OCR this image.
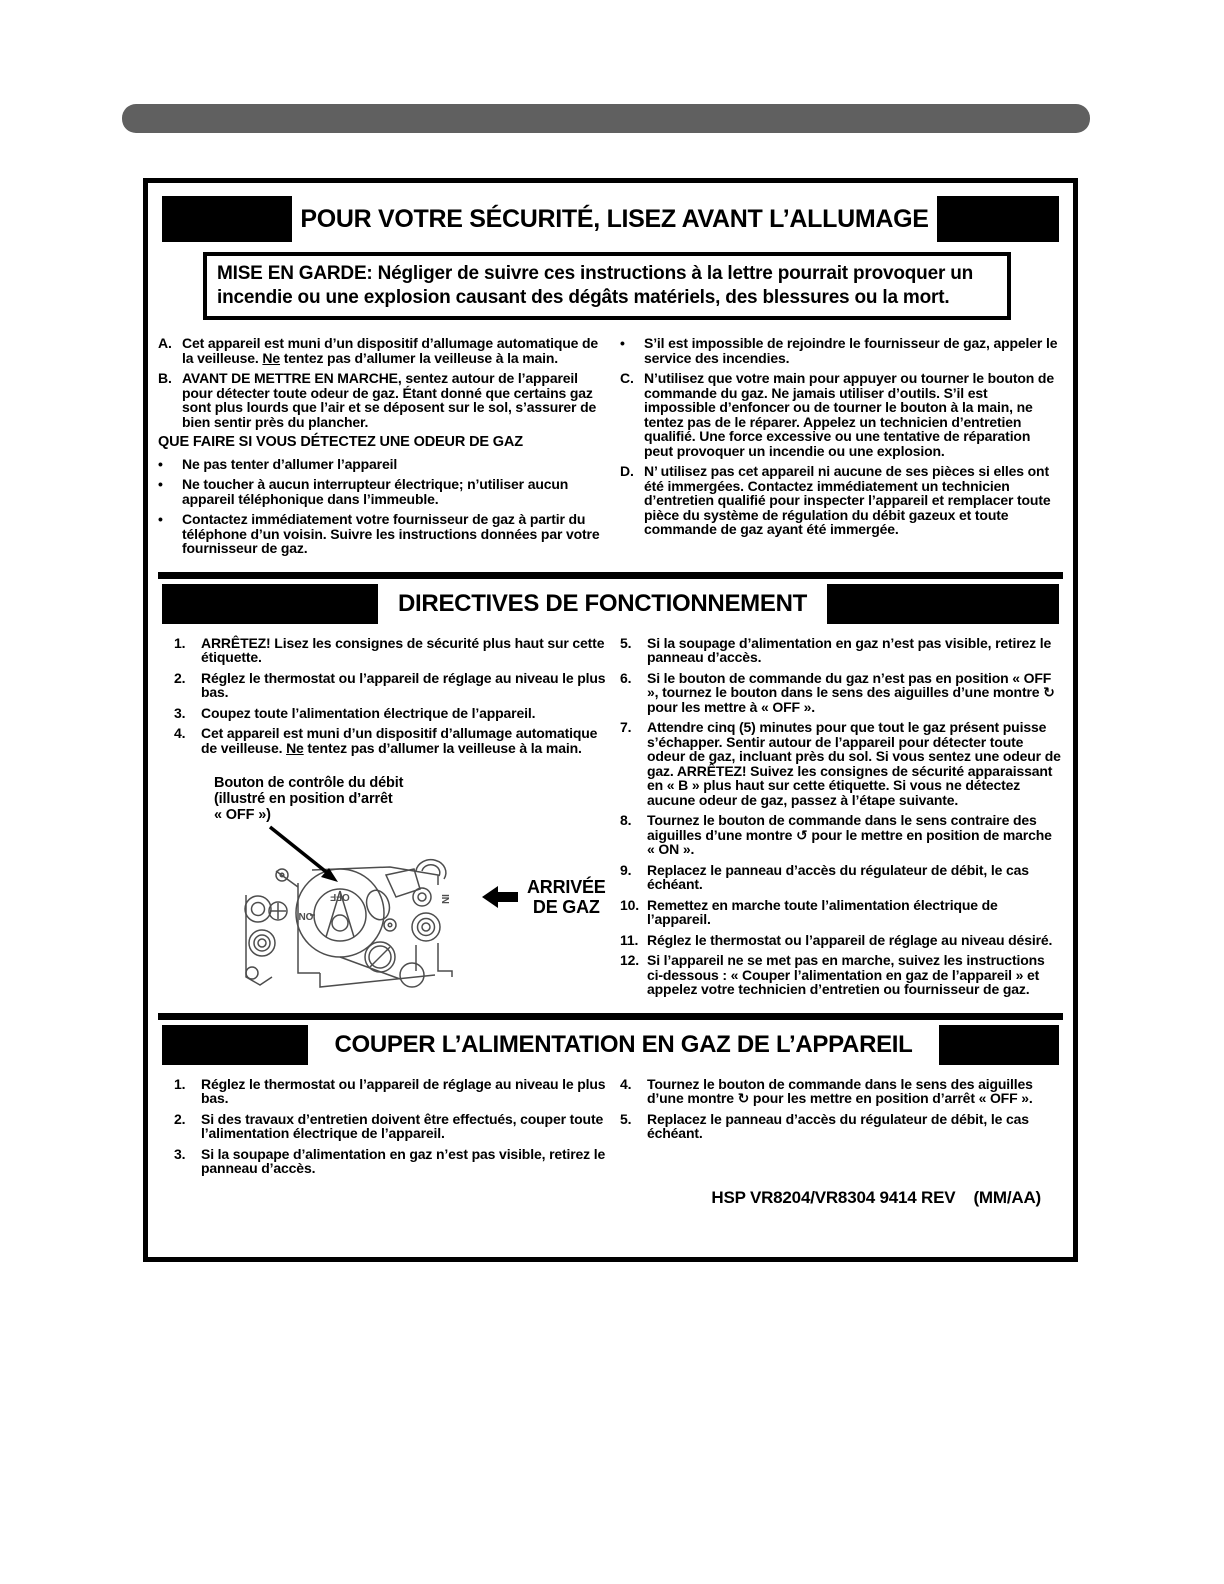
POUR VOTRE SÉCURITÉ, LISEZ AVANT L’ALLUMAGE
MISE EN GARDE: Négliger de suivre ces instructions à la lettre pourrait provoquer un incendie ou une explosion causant des dégâts matériels, des blessures ou la mort.
A. Cet appareil est muni d’un dispositif d’allumage automatique de la veilleuse. Ne tentez pas d’allumer la veilleuse à la main.
B. AVANT DE METTRE EN MARCHE, sentez autour de l’appareil pour détecter toute odeur de gaz. Étant donné que certains gaz sont plus lourds que l’air et se déposent sur le sol, s’assurer de bien sentir près du plancher.
QUE FAIRE SI VOUS DÉTECTEZ UNE ODEUR DE GAZ
•	Ne pas tenter d’allumer l’appareil
•	Ne toucher à aucun interrupteur électrique; n’utiliser aucun appareil téléphonique dans l’immeuble.
•	Contactez immédiatement votre fournisseur de gaz à partir du téléphone d’un voisin. Suivre les instructions données par votre fournisseur de gaz.
•	S’il est impossible de rejoindre le fournisseur de gaz, appeler le service des incendies.
C. N’utilisez que votre main pour appuyer ou tourner le bouton de commande du gaz. Ne jamais utiliser d’outils. S’il est impossible d’enfoncer ou de tourner le bouton à la main, ne tentez pas de le réparer. Appelez un technicien d’entretien qualifié. Une force excessive ou une tentative de réparation peut provoquer un incendie ou une explosion.
D. N’ utilisez pas cet appareil ni aucune de ses pièces si elles ont été immergées. Contactez immédiatement un technicien d’entretien qualifié pour inspecter l’appareil et remplacer toute pièce du système de régulation du débit gazeux et toute commande de gaz ayant été immergée.
DIRECTIVES DE FONCTIONNEMENT
1.	ARRÊTEZ! Lisez les consignes de sécurité plus haut sur cette étiquette.
2.	Réglez le thermostat ou l’appareil de réglage au niveau le plus bas.
3.	Coupez toute l’alimentation électrique de l’appareil.
4.	Cet appareil est muni d’un dispositif d’allumage automatique de veilleuse. Ne tentez pas d’allumer la veilleuse à la main.
Bouton de contrôle du débit
(illustré en position d’arrêt
« OFF »)
OFF
ON
IN
ARRIVÉE
DE GAZ
5.	Si la soupage d’alimentation en gaz n’est pas visible, retirez le panneau d’accès.
6.	Si le bouton de commande du gaz n’est pas en position « OFF », tournez le bouton dans le sens des aiguilles d’une montre ↻ pour les mettre à « OFF ».
7.	Attendre cinq (5) minutes pour que tout le gaz présent puisse s’échapper. Sentir autour de l’appareil pour détecter toute odeur de gaz, incluant près du sol. Si vous sentez une odeur de gaz. ARRÊTEZ! Suivez les consignes de sécurité apparaissant en « B » plus haut sur cette étiquette. Si vous ne détectez aucune odeur de gaz, passez à l’étape suivante.
8.	Tournez le bouton de commande dans le sens contraire des aiguilles d’une montre ↺ pour le mettre en position de marche « ON ».
9.	Replacez le panneau d’accès du régulateur de débit, le cas échéant.
10. Remettez en marche toute l’alimentation électrique de l’appareil.
11. Réglez le thermostat ou l’appareil de réglage au niveau désiré.
12. Si l’appareil ne se met pas en marche, suivez les instructions ci-dessous : « Couper l’alimentation en gaz de l’appareil » et appelez votre technicien d’entretien ou fournisseur de gaz.
COUPER L’ALIMENTATION EN GAZ DE L’APPAREIL
1.	Réglez le thermostat ou l’appareil de réglage au niveau le plus bas.
2.	Si des travaux d’entretien doivent être effectués, couper toute l’alimentation électrique de l’appareil.
3.	Si la soupape d’alimentation en gaz n’est pas visible, retirez le panneau d’accès.
4.	Tournez le bouton de commande dans le sens des aiguilles d’une montre ↻ pour les mettre en position d’arrêt « OFF ».
5.	Replacez le panneau d’accès du régulateur de débit, le cas échéant.
HSP VR8204/VR8304 9414 REV    (MM/AA)
